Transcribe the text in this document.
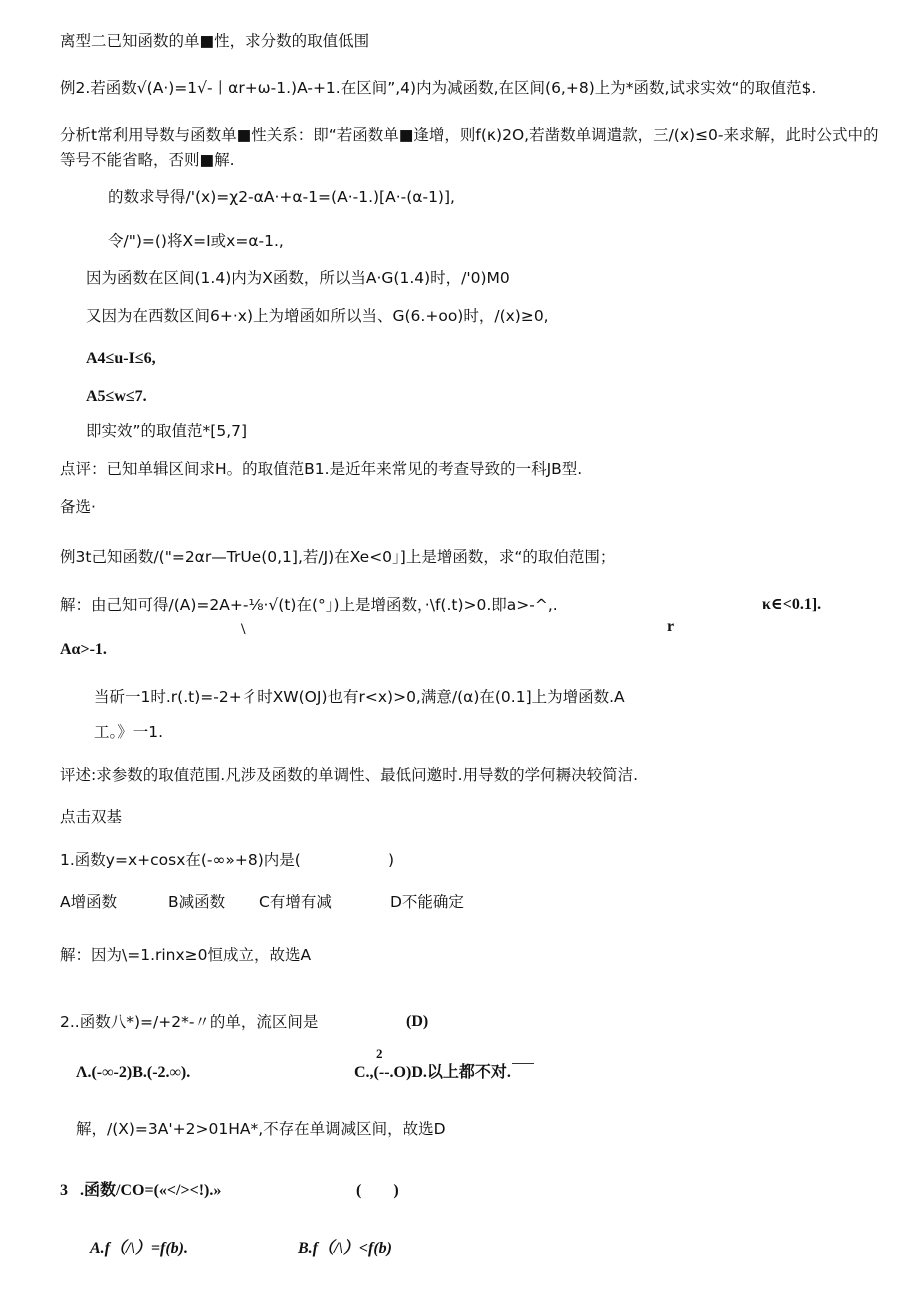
离型二已知函数的单■性，求分数的取值低围
例2.若函数√(A·)=1√-丨αr+ω-1.)A-+1.在区间”,4)内为减函数,在区间(6,+8)上为*函数,试求实效“的取值范$.
分析t常利用导数与函数单■性关系：即“若函数单■逢增，则f(κ)2O,若凿数单调遣款，三/(x)≤0-来求解，此时公式中的
等号不能省略，否则■解.
的数求导得/'(x)=χ2-αA·+α-1=(A·-1.)[A·-(α-1)],
令/")=()将X=I或x=α-1.,
因为函数在区间(1.4)内为X函数，所以当A·G(1.4)时，/'0)M0
又因为在西数区间6+·x)上为增函如所以当、G(6.+oo)时，/(x)≥0,
A4≤u-I≤6,
A5≤w≤7.
即实效”的取值范*[5,7]
点评：已知单辑区间求H。的取值范B1.是近年来常见的考查导致的一科JB型.
备选·
例3t己知函数/("=2αr—TrUe(0,1],若/J)在Xe<0」]上是增函数，求“的取伯范围；
解：由己知可得/(A)=2A+-⅛·√(t)在(°」)上是增函数，·\f(.t)>0.即a>-^,.	κ∈<0.1].
\	r
Aα>-1.
当斫一1时.r(.t)=-2+彳时XW(OJ)也有r<x)>0,满意/(α)在(0.1]上为增函数.A
工。》一1.
评述:求参数的取值范围.凡涉及函数的单调性、最低问邀时.用导数的学何耨决较简洁.
点击双基
1.函数y=x+cosx在(-∞»+8)内是(	)
A增函数	B减函数 C有增有减	D不能确定
解：因为\=1.rinx≥0恒成立，故选A
2..函数八*)=/+2*-〃的单，流区间是	(D)
2
Λ.(-∞-2)B.(-2.∞).	C.,(--.O)D.以上都不对.
解，/(X)=3A'+2>01HA*,不存在单调减区间，故选D
3 .函数/CO=(«</><!).»	(　　)
A.f（/\）=f(b).	B.f（/\）<f(b)
